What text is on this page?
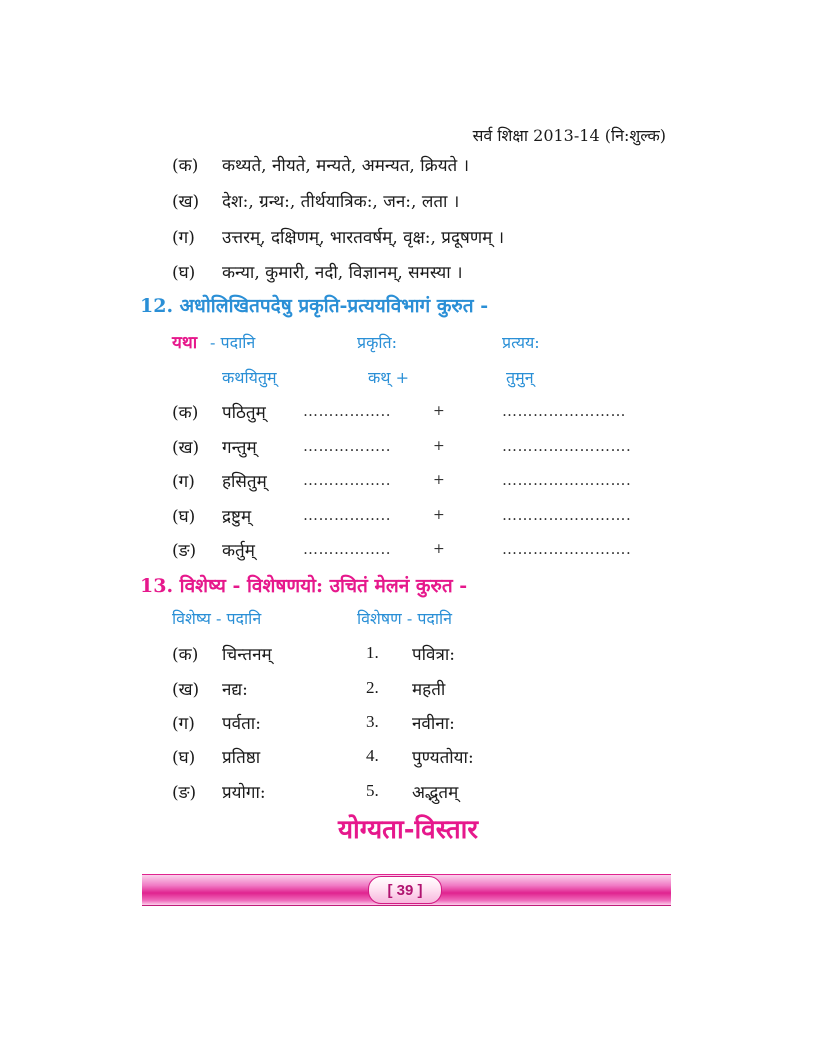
सर्व शिक्षा 2013-14 (नि:शुल्क)
(क) कथ्यते, नीयते, मन्यते, अमन्यत, क्रियते ।
(ख) देश:, ग्रन्थ:, तीर्थयात्रिक:, जन:, लता ।
(ग) उत्तरम्, दक्षिणम्, भारतवर्षम्, वृक्ष:, प्रदूषणम् ।
(घ) कन्या, कुमारी, नदी, विज्ञानम्, समस्या ।
12. अधोलिखितपदेषु प्रकृति-प्रत्ययविभागं कुरुत -
यथा - पदानि	प्रकृति:	प्रत्यय:
कथयितुम्	कथ् +	तुमुन्
(क) पठितुम् ……………..	+	……………………
(ख) गन्तुम्	……………..	+	…………………….
(ग) हसितुम् ……………..	+	…………………….
(घ) द्रष्टुम्	……………..	+	…………………….
(ङ) कर्तुम्	……………..	+	…………………….
13. विशेष्य - विशेषणयो: उचितं मेलनं कुरुत -
विशेष्य - पदानि	विशेषण - पदानि
(क) चिन्तनम्	1. पवित्रा:
(ख) नद्य:	2. महती
(ग) पर्वता:	3. नवीना:
(घ) प्रतिष्ठा	4. पुण्यतोया:
(ङ) प्रयोगा:	5. अद्भुतम्
योग्यता-विस्तार
[ 39 ]
